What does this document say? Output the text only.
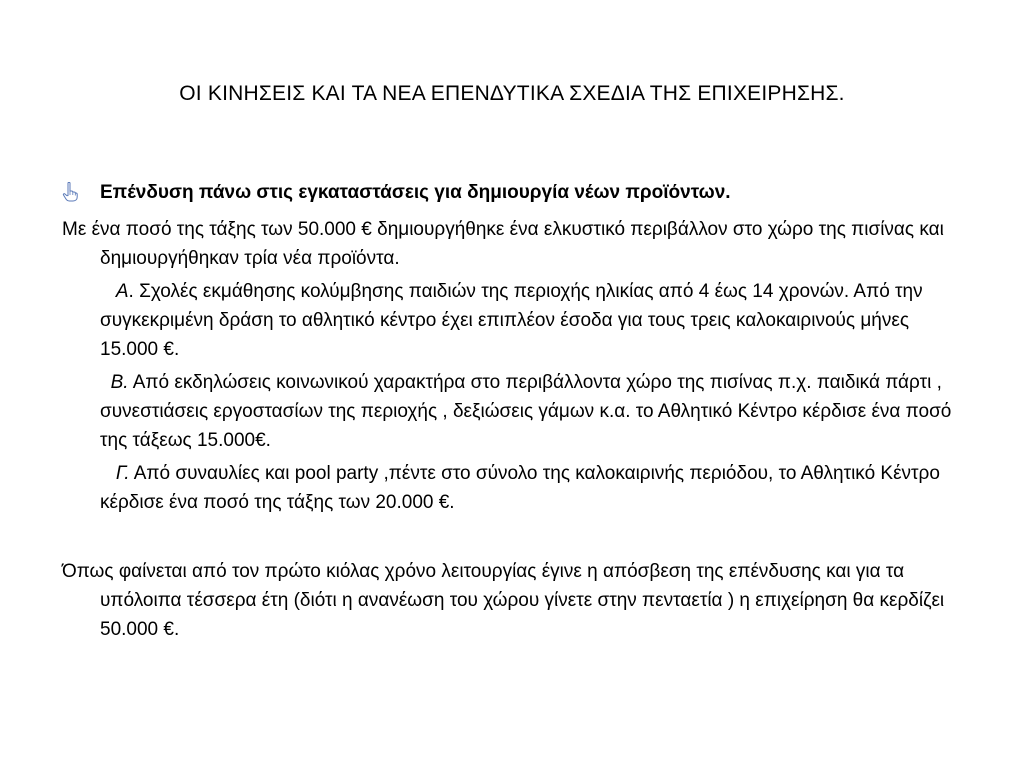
ΟΙ ΚΙΝΗΣΕΙΣ ΚΑΙ ΤΑ ΝΕΑ ΕΠΕΝΔΥΤΙΚΑ ΣΧΕΔΙΑ ΤΗΣ ΕΠΙΧΕΙΡΗΣΗΣ.
Επένδυση πάνω στις εγκαταστάσεις για δημιουργία νέων προϊόντων.

Με ένα ποσό της τάξης των 50.000 € δημιουργήθηκε ένα ελκυστικό περιβάλλον στο χώρο της πισίνας και δημιουργήθηκαν τρία νέα προϊόντα.

Α. Σχολές εκμάθησης κολύμβησης παιδιών της περιοχής ηλικίας από 4 έως 14 χρονών. Από την συγκεκριμένη δράση το αθλητικό κέντρο έχει επιπλέον έσοδα για τους τρεις καλοκαιρινούς μήνες 15.000 €.

Β. Από εκδηλώσεις κοινωνικού χαρακτήρα στο περιβάλλοντα χώρο της πισίνας π.χ. παιδικά πάρτι , συνεστιάσεις εργοστασίων της περιοχής , δεξιώσεις γάμων κ.α. το Αθλητικό Κέντρο κέρδισε ένα ποσό της τάξεως 15.000€.

Γ. Από συναυλίες και pool party ,πέντε στο σύνολο της καλοκαιρινής περιόδου, το Αθλητικό Κέντρο κέρδισε ένα ποσό της τάξης των 20.000 €.

Όπως φαίνεται από τον πρώτο κιόλας χρόνο λειτουργίας έγινε η απόσβεση της επένδυσης και για τα υπόλοιπα τέσσερα έτη (διότι η ανανέωση του χώρου γίνετε στην πενταετία ) η επιχείρηση θα κερδίζει 50.000 €.
